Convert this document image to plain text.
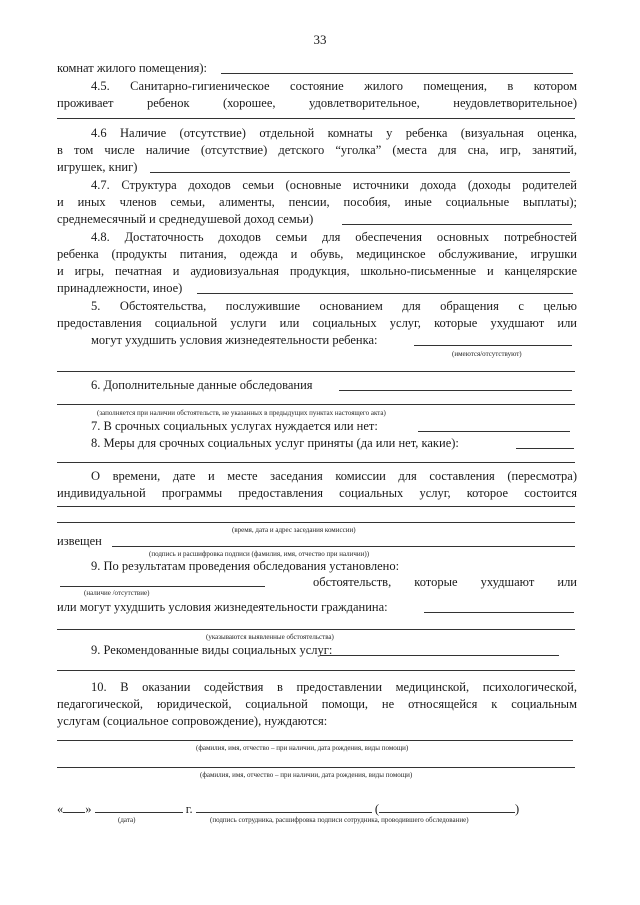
33
комнат жилого помещения):
4.5. Санитарно-гигиеническое состояние жилого помещения, в котором
проживает ребенок (хорошее, удовлетворительное, неудовлетворительное)
4.6 Наличие (отсутствие) отдельной комнаты у ребенка (визуальная оценка,
в том числе наличие (отсутствие) детского “уголка” (места для сна, игр, занятий,
игрушек, книг)
4.7. Структура доходов семьи (основные источники дохода (доходы родителей
и иных членов семьи, алименты, пенсии, пособия, иные социальные выплаты);
среднемесячный и среднедушевой доход семьи)
4.8. Достаточность доходов семьи для обеспечения основных потребностей
ребенка (продукты питания, одежда и обувь, медицинское обслуживание, игрушки
и игры, печатная и аудиовизуальная продукция, школьно-письменные и канцелярские
принадлежности, иное)
5. Обстоятельства, послужившие основанием для обращения с целью
предоставления социальной услуги или социальных услуг, которые ухудшают или
могут ухудшить условия жизнедеятельности ребенка:
(имеются/отсутствуют)
6. Дополнительные данные обследования
(заполняется при наличии обстоятельств, не указанных в предыдущих пунктах настоящего акта)
7. В срочных социальных услугах нуждается или нет:
8. Меры для срочных социальных услуг приняты (да или нет, какие):
О времени, дате и месте заседания комиссии для составления (пересмотра)
индивидуальной программы предоставления социальных услуг, которое состоится
(время, дата и адрес заседания комиссии)
извещен
(подпись и расшифровка подписи (фамилия, имя, отчество при наличии))
9. По результатам проведения обследования установлено:
обстоятельств, которые ухудшают или
(наличие /отсутствие)
или могут ухудшить условия жизнедеятельности гражданина:
(указываются выявленные обстоятельства)
9. Рекомендованные виды социальных услуг:
10. В оказании содействия в предоставлении медицинской, психологической,
педагогической, юридической, социальной помощи, не относящейся к социальным
услугам (социальное сопровождение), нуждаются:
(фамилия, имя, отчество – при наличии, дата рождения, виды помощи)
(фамилия, имя, отчество – при наличии, дата рождения, виды помощи)
« »	г.	(	)
(дата)	(подпись сотрудника, расшифровка подписи сотрудника, проводившего обследование)
